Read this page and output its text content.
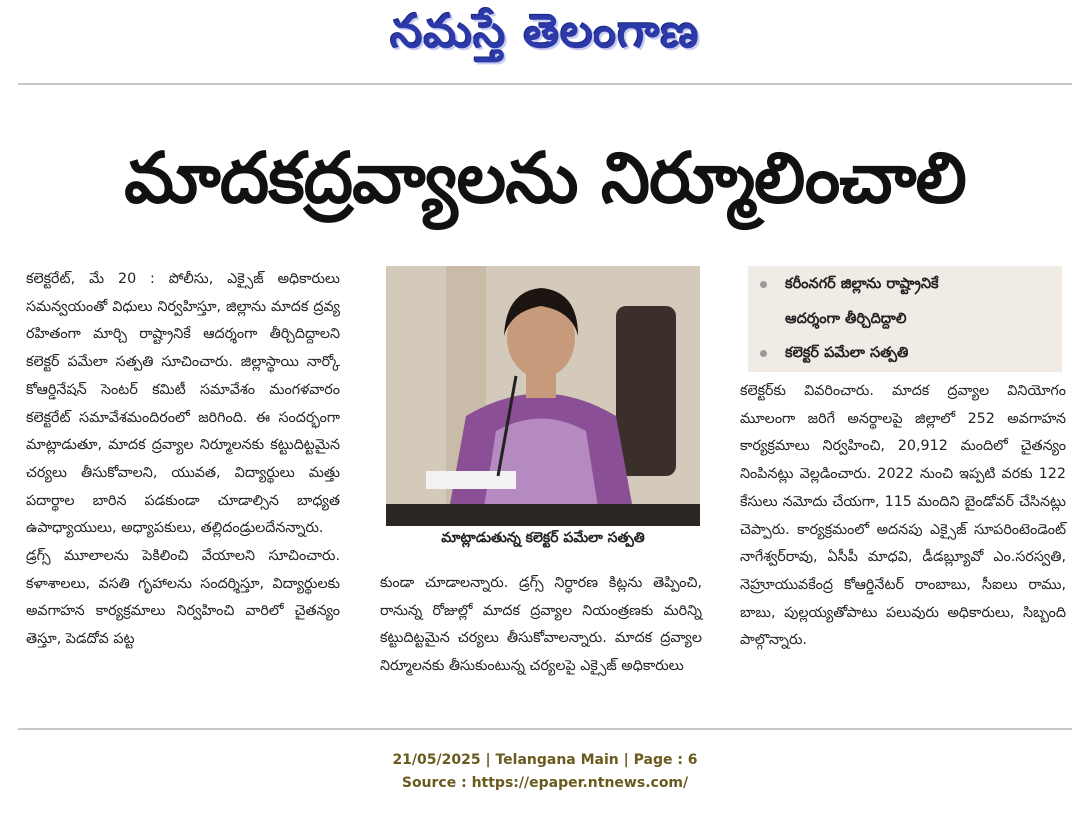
నమస్తే తెలంగాణ
మాదకద్రవ్యాలను నిర్మూలించాలి

కలెక్టరేట్, మే 20 : పోలీసు, ఎక్సైజ్ అధికారులు సమన్వయంతో విధులు నిర్వహిస్తూ, జిల్లాను మాదక ద్రవ్య రహితంగా మార్చి రాష్ట్రానికే ఆదర్శంగా తీర్చిదిద్దాలని కలెక్టర్ పమేలా సత్పతి సూచించారు. జిల్లాస్థాయి నార్కో కోఆర్డినేషన్ సెంటర్ కమిటీ సమావేశం మంగళవారం కలెక్టరేట్ సమావేశమందిరంలో జరిగింది. ఈ సందర్భంగా మాట్లాడుతూ, మాదక ద్రవ్యాల నిర్మూలనకు కట్టుదిట్టమైన చర్యలు తీసుకోవాలని, యువత, విద్యార్థులు మత్తు పదార్థాల బారిన పడకుండా చూడాల్సిన బాధ్యత ఉపాధ్యాయులు, అధ్యాపకులు, తల్లిదండ్రులదేనన్నారు.

డ్రగ్స్ మూలాలను పెకిలించి వేయాలని సూచించారు. కళాశాలలు, వసతి గృహాలను సందర్శిస్తూ, విద్యార్థులకు అవగాహన కార్యక్రమాలు నిర్వహించి వారిలో చైతన్యం తెస్తూ, పెడదోవ పట్ట

మాట్లాడుతున్న కలెక్టర్ పమేలా సత్పతి
కరీంనగర్ జిల్లాను రాష్ట్రానికే
ఆదర్శంగా తీర్చిదిద్దాలి
కలెక్టర్ పమేలా సత్పతి

కుండా చూడాలన్నారు. డ్రగ్స్ నిర్ధారణ కిట్లను తెప్పించి, రానున్న రోజుల్లో మాదక ద్రవ్యాల నియంత్రణకు మరిన్ని కట్టుదిట్టమైన చర్యలు తీసుకోవాలన్నారు. మాదక ద్రవ్యాల నిర్మూలనకు తీసుకుంటున్న చర్యలపై ఎక్సైజ్ అధికారులు

కలెక్టర్‌కు వివరించారు. మాదక ద్రవ్యాల వినియోగం మూలంగా జరిగే అనర్థాలపై జిల్లాలో 252 అవగాహన కార్యక్రమాలు నిర్వహించి, 20,912 మందిలో చైతన్యం నింపినట్లు వెల్లడించారు. 2022 నుంచి ఇప్పటి వరకు 122 కేసులు నమోదు చేయగా, 115 మందిని బైండోవర్ చేసినట్లు చెప్పారు. కార్యక్రమంలో అదనపు ఎక్సైజ్ సూపరింటెండెంట్ నాగేశ్వర్‌రావు, ఏసీపీ మాధవి, డీడబ్ల్యూవో ఎం.సరస్వతి, నెహ్రూయువకేంద్ర కోఆర్డినేటర్ రాంబాబు, సీఐలు రాము, బాబు, పుల్లయ్యతోపాటు పలువురు అధికారులు, సిబ్బంది పాల్గొన్నారు.

21/05/2025 | Telangana Main | Page : 6
Source : https://epaper.ntnews.com/
